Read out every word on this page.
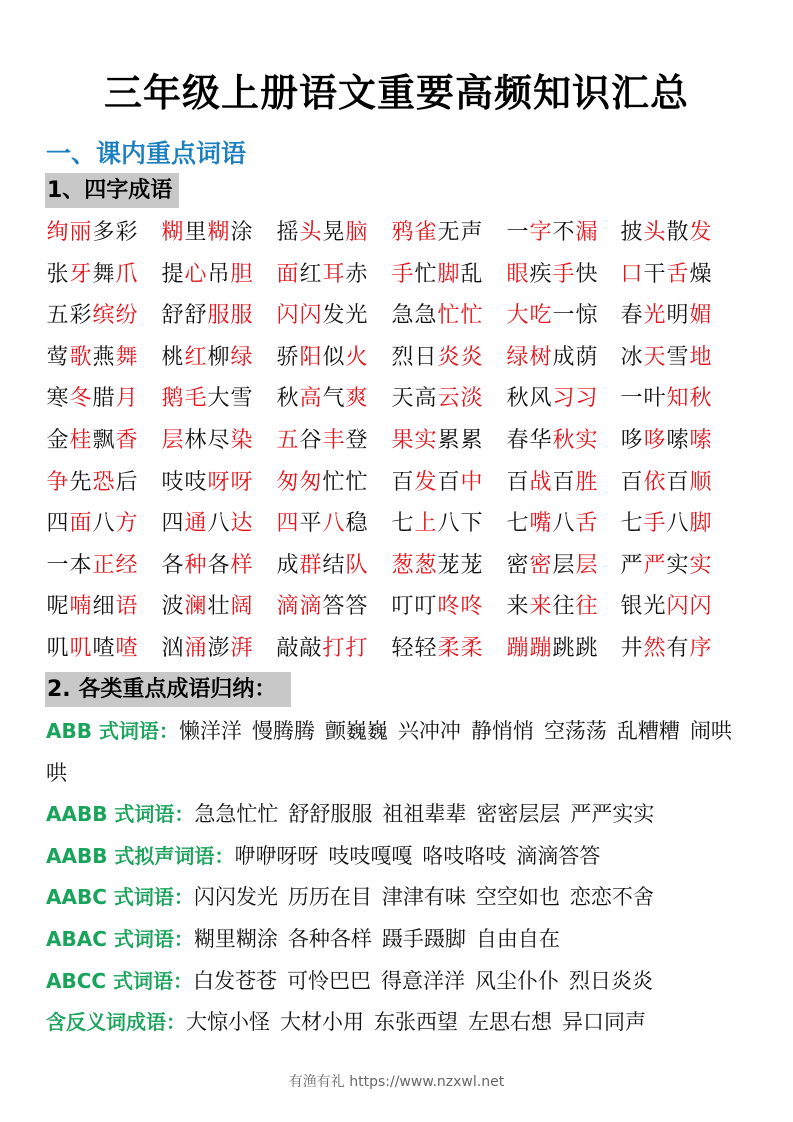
三年级上册语文重要高频知识汇总
一、课内重点词语
1、四字成语
绚丽多彩	糊里糊涂	摇头晃脑	鸦雀无声	一字不漏	披头散发
张牙舞爪	提心吊胆	面红耳赤	手忙脚乱	眼疾手快	口干舌燥
五彩缤纷	舒舒服服	闪闪发光	急急忙忙	大吃一惊	春光明媚
莺歌燕舞	桃红柳绿	骄阳似火	烈日炎炎	绿树成荫	冰天雪地
寒冬腊月	鹅毛大雪	秋高气爽	天高云淡	秋风习习	一叶知秋
金桂飘香	层林尽染	五谷丰登	果实累累	春华秋实	哆哆嗦嗦
争先恐后	吱吱呀呀	匆匆忙忙	百发百中	百战百胜	百依百顺
四面八方	四通八达	四平八稳	七上八下	七嘴八舌	七手八脚
一本正经	各种各样	成群结队	葱葱茏茏	密密层层	严严实实
呢喃细语	波澜壮阔	滴滴答答	叮叮咚咚	来来往往	银光闪闪
叽叽喳喳	汹涌澎湃	敲敲打打	轻轻柔柔	蹦蹦跳跳	井然有序
2. 各类重点成语归纳：
ABB 式词语：懒洋洋 慢腾腾 颤巍巍 兴冲冲 静悄悄 空荡荡 乱糟糟 闹哄哄
AABB 式词语：急急忙忙 舒舒服服 祖祖辈辈 密密层层 严严实实
AABB 式拟声词语：咿咿呀呀 吱吱嘎嘎 咯吱咯吱 滴滴答答
AABC 式词语：闪闪发光 历历在目 津津有味 空空如也 恋恋不舍
ABAC 式词语：糊里糊涂 各种各样 蹑手蹑脚 自由自在
ABCC 式词语：白发苍苍 可怜巴巴 得意洋洋 风尘仆仆 烈日炎炎
含反义词成语：大惊小怪 大材小用 东张西望 左思右想 异口同声
有渔有礼 https://www.nzxwl.net
